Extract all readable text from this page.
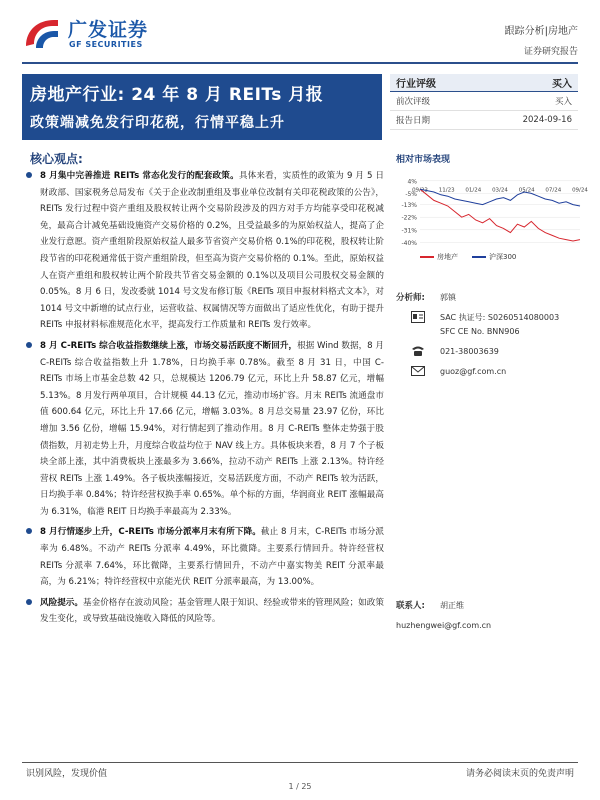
广发证券
GF SECURITIES
跟踪分析|房地产
证券研究报告
房地产行业: 24 年 8 月 REITs 月报
政策端减免发行印花税，行情平稳上升
行业评级	买入
前次评级	买入
报告日期	2024-09-16
核心观点:
8 月集中完善推进 REITs 常态化发行的配套政策。具体来看，实质性的政策为 9 月 5 日财政部、国家税务总局发布《关于企业改制重组及事业单位改制有关印花税政策的公告》，REITs 发行过程中资产重组及股权转让两个交易阶段涉及的四方对手方均能享受印花税减免，最高合计减免基础设施资产交易价格的 0.2%，且受益最多的为原始权益人，提高了企业发行意愿。资产重组阶段原始权益人最多节省资产交易价格 0.1%的印花税，股权转让阶段节省的印花税通常低于资产重组阶段，但至高为资产交易价格的 0.1%。至此，原始权益人在资产重组和股权转让两个阶段共节省交易金额的 0.1%以及项目公司股权交易金额的 0.05%。8 月 6 日，发改委就 1014 号文发布修订版《REITs 项目申报材料格式文本》，对 1014 号文中新增的试点行业，运营收益、权属情况等方面做出了适应性优化，有助于提升 REITs 申报材料标准规范化水平，提高发行工作质量和 REITs 发行效率。
8 月 C-REITs 综合收益指数继续上涨，市场交易活跃度不断回升，根据 Wind 数据，8 月 C-REITs 综合收益指数上升 1.78%，日均换手率 0.78%。截至 8 月 31 日，中国 C-REITs 市场上市基金总数 42 只，总规模达 1206.79 亿元，环比上升 58.87 亿元，增幅 5.13%。8 月发行两单项目，合计规模 44.13 亿元，推动市场扩容。月末 REITs 流通盘市值 600.64 亿元，环比上升 17.66 亿元，增幅 3.03%。8 月总交易量 23.97 亿份，环比增加 3.56 亿份，增幅 15.94%，对行情起到了推动作用。8 月 C-REITs 整体走势强于股债指数，月初走势上升，月度综合收益均位于 NAV 线上方。具体板块来看，8 月 7 个子板块全部上涨，其中消费板块上涨最多为 3.66%，拉动不动产 REITs 上涨 2.13%。特许经营权 REITs 上涨 1.49%。各子板块涨幅接近，交易活跃度方面，不动产 REITs 较为活跃，日均换手率 0.84%；特许经营权换手率 0.65%。单个标的方面，华润商业 REIT 涨幅最高为 6.31%，临港 REIT 日均换手率最高为 2.33%。
8 月行情逐步上升，C-REITs 市场分派率月末有所下降。截止 8 月末，C-REITs 市场分派率为 6.48%。不动产 REITs 分派率 4.49%，环比微降。主要系行情回升。特许经营权 REITs 分派率 7.64%，环比微降，主要系行情回升，不动产中嘉实物美 REIT 分派率最高，为 6.21%；特许经营权中京能光伏 REIT 分派率最高，为 13.00%。
风险提示。基金价格存在波动风险；基金管理人限于知识、经验或带来的管理风险；如政策发生变化，或导致基础设施收入降低的风险等。
相对市场表现
4%
-5%
-13%
-22%
-31%
-40%
09/23 11/23 01/24 03/24 05/24 07/24 09/24
房地产	沪深300
分析师:	郭镇
SAC 执证号: S0260514080003
SFC CE No. BNN906
021-38003639
guoz@gf.com.cn
联系人:	胡正维
huzhengwei@gf.com.cn
识别风险，发现价值	请务必阅读末页的免责声明
1 / 25
